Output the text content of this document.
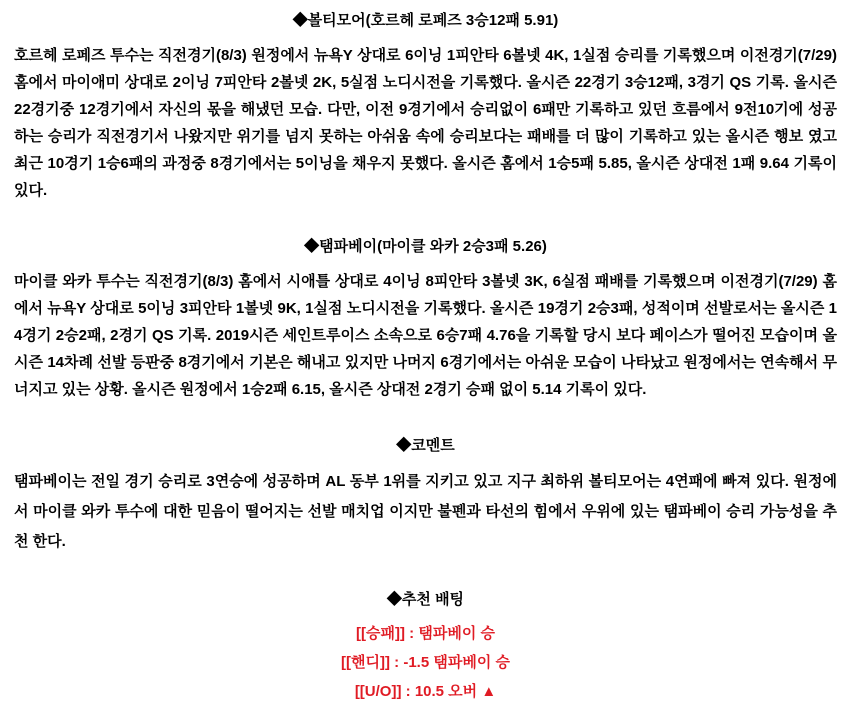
◆볼티모어(호르헤 로페즈 3승12패 5.91)

호르헤 로페즈 투수는 직전경기(8/3) 원정에서 뉴욕Y 상대로 6이닝 1피안타 6볼넷 4K, 1실점 승리를 기록했으며 이전경기(7/29) 홈에서 마이애미 상대로 2이닝 7피안타 2볼넷 2K, 5실점 노디시전을 기록했다. 올시즌 22경기 3승12패, 3경기 QS 기록. 올시즌 22경기중 12경기에서 자신의 몫을 해냈던 모습. 다만, 이전 9경기에서 승리없이 6패만 기록하고 있던 흐름에서 9전10기에 성공하는 승리가 직전경기서 나왔지만 위기를 넘지 못하는 아쉬움 속에 승리보다는 패배를 더 많이 기록하고 있는 올시즌 행보 였고 최근 10경기 1승6패의 과정중 8경기에서는 5이닝을 채우지 못했다. 올시즌 홈에서 1승5패 5.85, 올시즌 상대전 1패 9.64 기록이 있다.

◆탬파베이(마이클 와카 2승3패 5.26)

마이클 와카 투수는 직전경기(8/3) 홈에서 시애틀 상대로 4이닝 8피안타 3볼넷 3K, 6실점 패배를 기록했으며 이전경기(7/29) 홈에서 뉴욕Y 상대로 5이닝 3피안타 1볼넷 9K, 1실점 노디시전을 기록했다. 올시즌 19경기 2승3패, 성적이며 선발로서는 올시즌 14경기 2승2패, 2경기 QS 기록. 2019시즌 세인트루이스 소속으로 6승7패 4.76을 기록할 당시 보다 페이스가 떨어진 모습이며 올시즌 14차례 선발 등판중 8경기에서 기본은 해내고 있지만 나머지 6경기에서는 아쉬운 모습이 나타났고 원정에서는 연속해서 무너지고 있는 상황. 올시즌 원정에서 1승2패 6.15, 올시즌 상대전 2경기 승패 없이 5.14 기록이 있다.

◆코멘트

탬파베이는 전일 경기 승리로 3연승에 성공하며 AL 동부 1위를 지키고 있고 지구 최하위 볼티모어는 4연패에 빠져 있다. 원정에서 마이클 와카 투수에 대한 믿음이 떨어지는 선발 매치업 이지만 불펜과 타선의 힘에서 우위에 있는 탬파베이 승리 가능성을 추천 한다.

◆추천 배팅

[[승패]] : 탬파베이 승

[[핸디]] : -1.5 탬파베이 승

[[U/O]] : 10.5 오버 ▲
